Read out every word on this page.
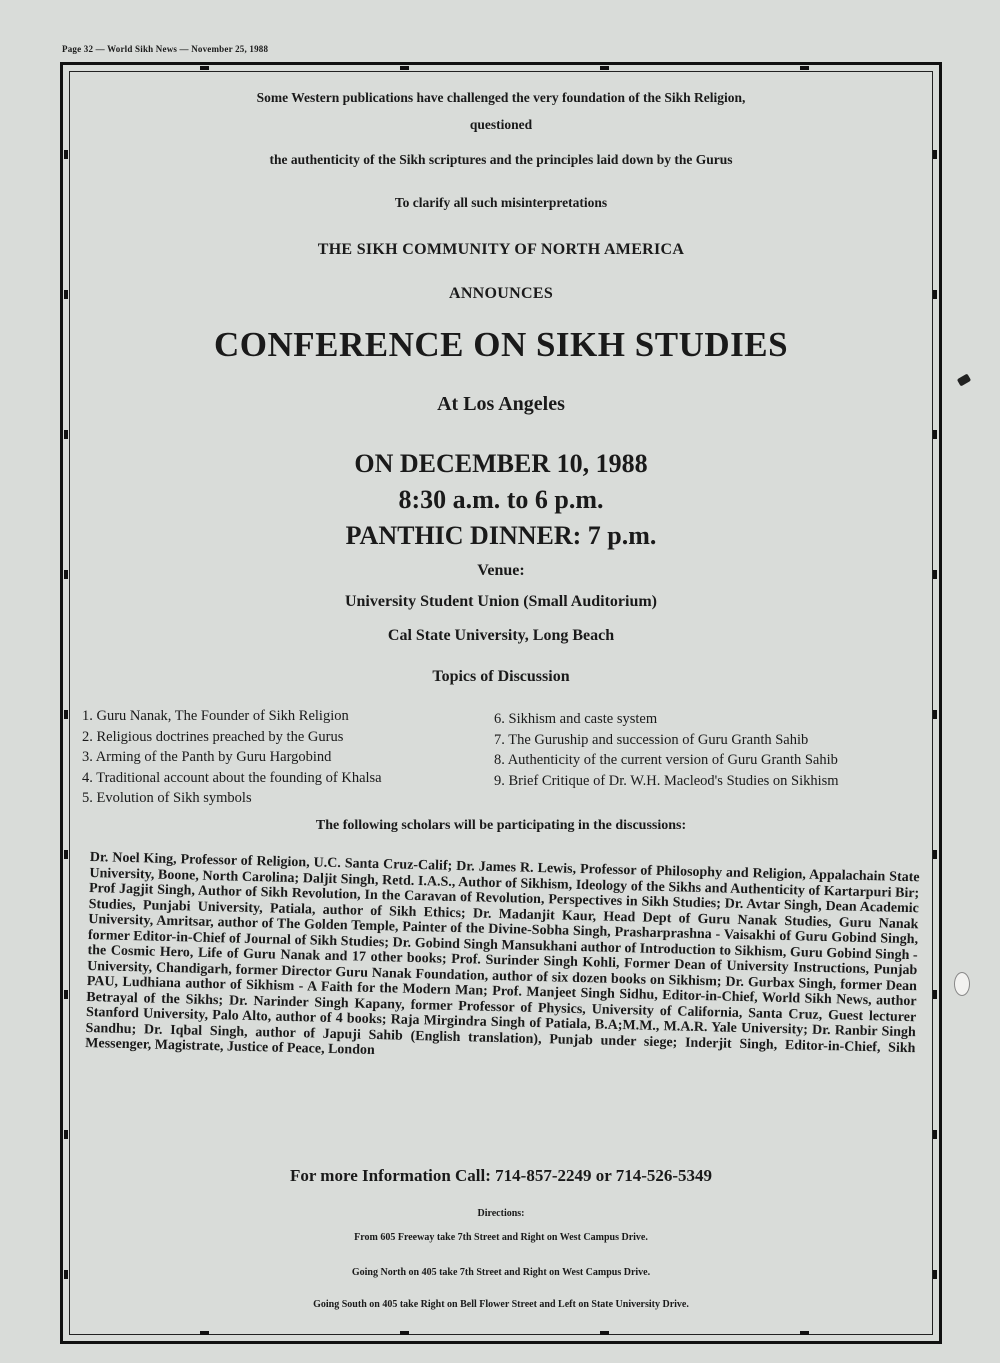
Page 32 — World Sikh News — November 25, 1988
Some Western publications have challenged the very foundation of the Sikh Religion,
questioned
the authenticity of the Sikh scriptures and the principles laid down by the Gurus
To clarify all such misinterpretations
THE SIKH COMMUNITY OF NORTH AMERICA
ANNOUNCES
CONFERENCE ON SIKH STUDIES
At Los Angeles
ON DECEMBER 10, 1988
8:30 a.m. to 6 p.m.
PANTHIC DINNER: 7 p.m.
Venue:
University Student Union (Small Auditorium)
Cal State University, Long Beach
Topics of Discussion
1. Guru Nanak, The Founder of Sikh Religion
2. Religious doctrines preached by the Gurus
3. Arming of the Panth by Guru Hargobind
4. Traditional account about the founding of Khalsa
5. Evolution of Sikh symbols
6. Sikhism and caste system
7. The Guruship and succession of Guru Granth Sahib
8. Authenticity of the current version of Guru Granth Sahib
9. Brief Critique of Dr. W.H. Macleod's Studies on Sikhism
The following scholars will be participating in the discussions:
Dr. Noel King, Professor of Religion, U.C. Santa Cruz-Calif; Dr. James R. Lewis, Professor of Philosophy and Religion, Appalachain State University, Boone, North Carolina; Daljit Singh, Retd. I.A.S., Author of Sikhism, Ideology of the Sikhs and Authenticity of Kartarpuri Bir; Prof Jagjit Singh, Author of Sikh Revolution, In the Caravan of Revolution, Perspectives in Sikh Studies; Dr. Avtar Singh, Dean Academic Studies, Punjabi University, Patiala, author of Sikh Ethics; Dr. Madanjit Kaur, Head Dept of Guru Nanak Studies, Guru Nanak University, Amritsar, author of The Golden Temple, Painter of the Divine-Sobha Singh, Prasharprashna - Vaisakhi of Guru Gobind Singh, former Editor-in-Chief of Journal of Sikh Studies; Dr. Gobind Singh Mansukhani author of Introduction to Sikhism, Guru Gobind Singh - the Cosmic Hero, Life of Guru Nanak and 17 other books; Prof. Surinder Singh Kohli, Former Dean of University Instructions, Punjab University, Chandigarh, former Director Guru Nanak Foundation, author of six dozen books on Sikhism; Dr. Gurbax Singh, former Dean PAU, Ludhiana author of Sikhism - A Faith for the Modern Man; Prof. Manjeet Singh Sidhu, Editor-in-Chief, World Sikh News, author Betrayal of the Sikhs; Dr. Narinder Singh Kapany, former Professor of Physics, University of California, Santa Cruz, Guest lecturer Stanford University, Palo Alto, author of 4 books; Raja Mirgindra Singh of Patiala, B.A;M.M., M.A.R. Yale University; Dr. Ranbir Singh Sandhu; Dr. Iqbal Singh, author of Japuji Sahib (English translation), Punjab under siege; Inderjit Singh, Editor-in-Chief, Sikh Messenger, Magistrate, Justice of Peace, London
For more Information Call: 714-857-2249 or 714-526-5349
Directions:
From 605 Freeway take 7th Street and Right on West Campus Drive.
Going North on 405 take 7th Street and Right on West Campus Drive.
Going South on 405 take Right on Bell Flower Street and Left on State University Drive.
